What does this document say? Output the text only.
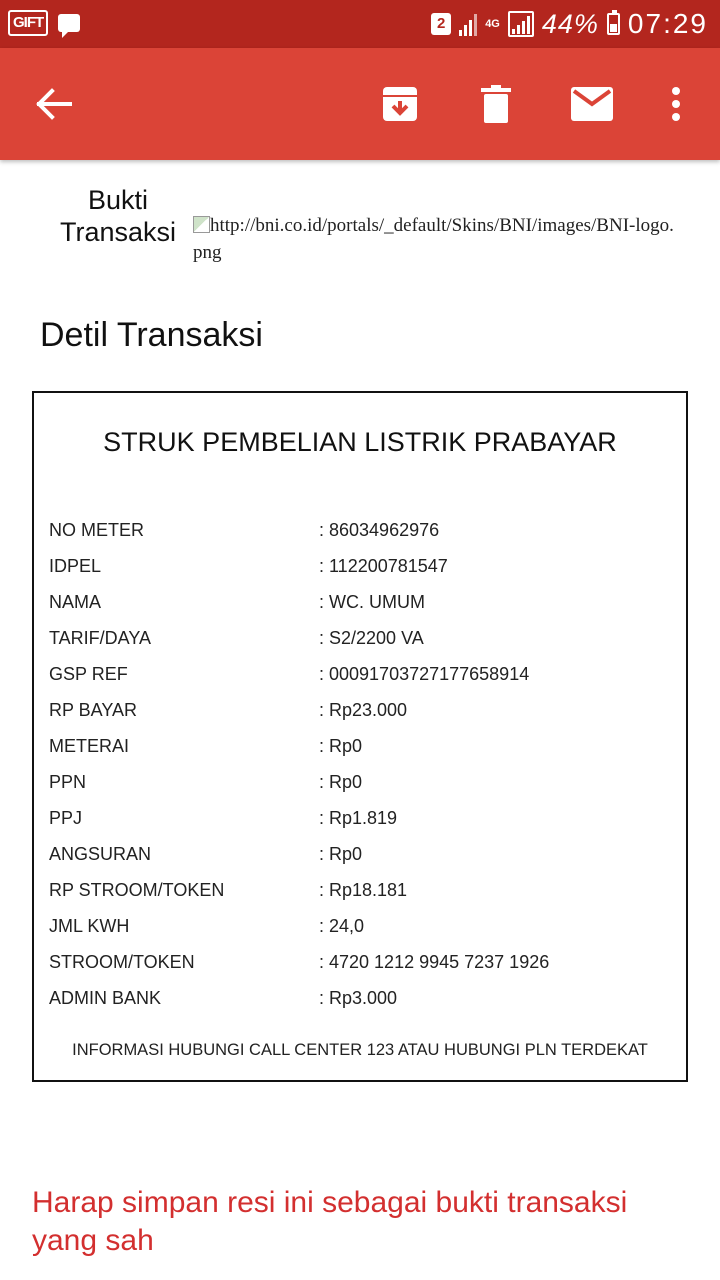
GIFT	2	4G 44% 07:29
Bukti Transaksi	http://bni.co.id/portals/_default/Skins/BNI/images/BNI-logo.png
Detil Transaksi
STRUK PEMBELIAN LISTRIK PRABAYAR
NO METER	: 86034962976
IDPEL	: 112200781547
NAMA	: WC. UMUM
TARIF/DAYA	: S2/2200 VA
GSP REF	: 00091703727177658914
RP BAYAR	: Rp23.000
METERAI	: Rp0
PPN	: Rp0
PPJ	: Rp1.819
ANGSURAN	: Rp0
RP STROOM/TOKEN	: Rp18.181
JML KWH	: 24,0
STROOM/TOKEN	: 4720 1212 9945 7237 1926
ADMIN BANK	: Rp3.000
INFORMASI HUBUNGI CALL CENTER 123 ATAU HUBUNGI PLN TERDEKAT
Harap simpan resi ini sebagai bukti transaksi yang sah
